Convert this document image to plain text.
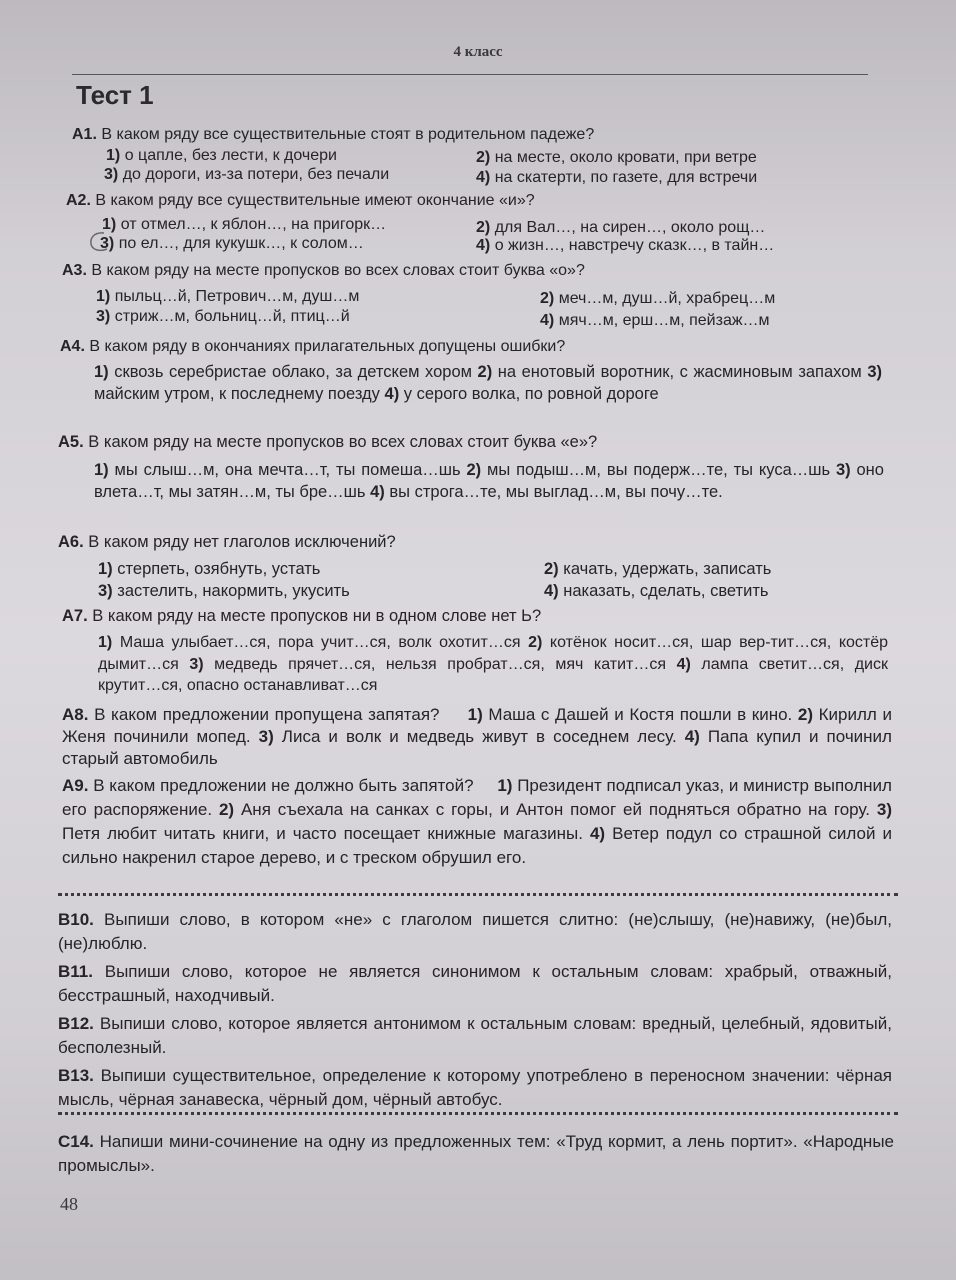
4 класс
Тест 1
А1. В каком ряду все существительные стоят в родительном падеже?
1) о цапле, без лести, к дочери	2) на месте, около кровати, при ветре
3) до дороги, из-за потери, без печали	4) на скатерти, по газете, для встречи
А2. В каком ряду все существительные имеют окончание «и»?
1) от отмел…, к яблон…, на пригорк…	2) для Вал…, на сирен…, около рощ…
3) по ел…, для кукушк…, к солом…	4) о жизн…, навстречу сказк…, в тайн…
А3. В каком ряду на месте пропусков во всех словах стоит буква «о»?
1) пыльц…й, Петрович…м, душ…м	2) меч…м, душ…й, храбрец…м
3) стриж…м, больниц…й, птиц…й	4) мяч…м, ерш…м, пейзаж…м
А4. В каком ряду в окончаниях прилагательных допущены ошибки?
1) сквозь серебристае облако, за детскем хором 2) на енотовый воротник, с жасминовым запахом 3) майским утром, к последнему поезду 4) у серого волка, по ровной дороге
А5. В каком ряду на месте пропусков во всех словах стоит буква «е»?
1) мы слыш…м, она мечта…т, ты помеша…шь 2) мы подыш…м, вы подерж…те, ты куса…шь 3) оно влета…т, мы затян…м, ты бре…шь 4) вы строга…те, мы выглад…м, вы почу…те.
А6. В каком ряду нет глаголов исключений?
1) стерпеть, озябнуть, устать	2) качать, удержать, записать
3) застелить, накормить, укусить	4) наказать, сделать, светить
А7. В каком ряду на месте пропусков ни в одном слове нет Ь?
1) Маша улыбает…ся, пора учит…ся, волк охотит…ся 2) котёнок носит…ся, шар вер-тит…ся, костёр дымит…ся 3) медведь прячет…ся, нельзя пробрат…ся, мяч катит…ся 4) лампа светит…ся, диск крутит…ся, опасно останавливат…ся
А8. В каком предложении пропущена запятая? 1) Маша с Дашей и Костя пошли в кино. 2) Кирилл и Женя починили мопед. 3) Лиса и волк и медведь живут в соседнем лесу. 4) Папа купил и починил старый автомобиль
А9. В каком предложении не должно быть запятой? 1) Президент подписал указ, и министр выполнил его распоряжение. 2) Аня съехала на санках с горы, и Антон помог ей подняться обратно на гору. 3) Петя любит читать книги, и часто посещает книжные магазины. 4) Ветер подул со страшной силой и сильно накренил старое дерево, и с треском обрушил его.
В10. Выпиши слово, в котором «не» с глаголом пишется слитно: (не)слышу, (не)навижу, (не)был, (не)люблю.
В11. Выпиши слово, которое не является синонимом к остальным словам: храбрый, отважный, бесстрашный, находчивый.
В12. Выпиши слово, которое является антонимом к остальным словам: вредный, целебный, ядовитый, бесполезный.
В13. Выпиши существительное, определение к которому употреблено в переносном значении: чёрная мысль, чёрная занавеска, чёрный дом, чёрный автобус.
С14. Напиши мини-сочинение на одну из предложенных тем: «Труд кормит, а лень портит». «Народные промыслы».
48
